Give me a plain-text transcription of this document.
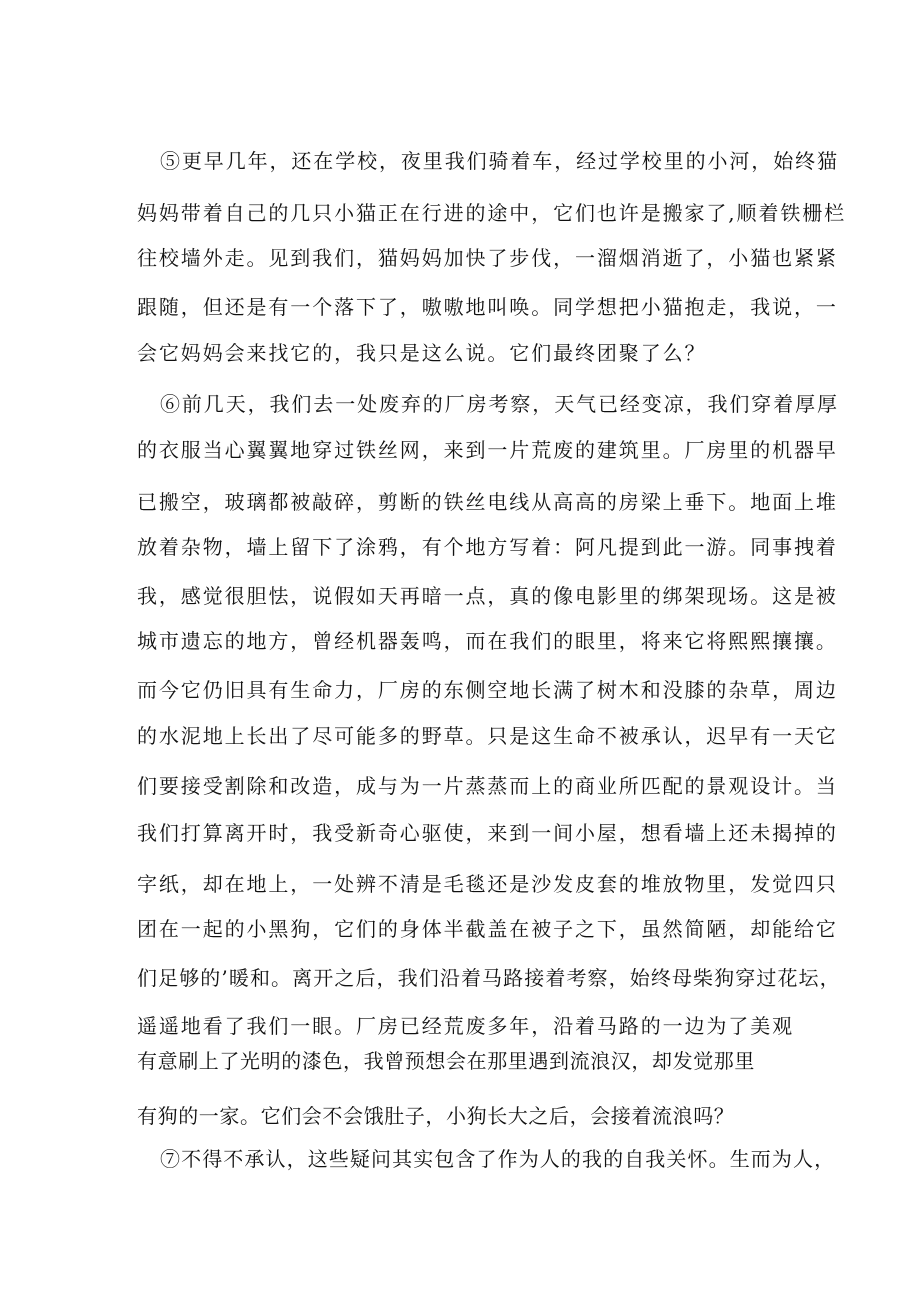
⑤更早几年，还在学校，夜里我们骑着车，经过学校里的小河，始终猫

妈妈带着自己的几只小猫正在行进的途中，它们也许是搬家了,顺着铁栅栏

往校墙外走。见到我们，猫妈妈加快了步伐，一溜烟消逝了，小猫也紧紧

跟随，但还是有一个落下了，嗷嗷地叫唤。同学想把小猫抱走，我说，一

会它妈妈会来找它的，我只是这么说。它们最终团聚了么？

⑥前几天，我们去一处废弃的厂房考察，天气已经变凉，我们穿着厚厚

的衣服当心翼翼地穿过铁丝网，来到一片荒废的建筑里。厂房里的机器早

已搬空，玻璃都被敲碎，剪断的铁丝电线从高高的房梁上垂下。地面上堆

放着杂物，墙上留下了涂鸦，有个地方写着：阿凡提到此一游。同事拽着

我，感觉很胆怯，说假如天再暗一点，真的像电影里的绑架现场。这是被

城市遗忘的地方，曾经机器轰鸣，而在我们的眼里，将来它将熙熙攘攘。

而今它仍旧具有生命力，厂房的东侧空地长满了树木和没膝的杂草，周边

的水泥地上长出了尽可能多的野草。只是这生命不被承认，迟早有一天它

们要接受割除和改造，成与为一片蒸蒸而上的商业所匹配的景观设计。当

我们打算离开时，我受新奇心驱使，来到一间小屋，想看墙上还未揭掉的

字纸，却在地上，一处辨不清是毛毯还是沙发皮套的堆放物里，发觉四只

团在一起的小黑狗，它们的身体半截盖在被子之下，虽然简陋，却能给它

们足够的’暖和。离开之后，我们沿着马路接着考察，始终母柴狗穿过花坛，

遥遥地看了我们一眼。厂房已经荒废多年，沿着马路的一边为了美观

有意刷上了光明的漆色，我曾预想会在那里遇到流浪汉，却发觉那里

有狗的一家。它们会不会饿肚子，小狗长大之后，会接着流浪吗？

⑦不得不承认，这些疑问其实包含了作为人的我的自我关怀。生而为人，
